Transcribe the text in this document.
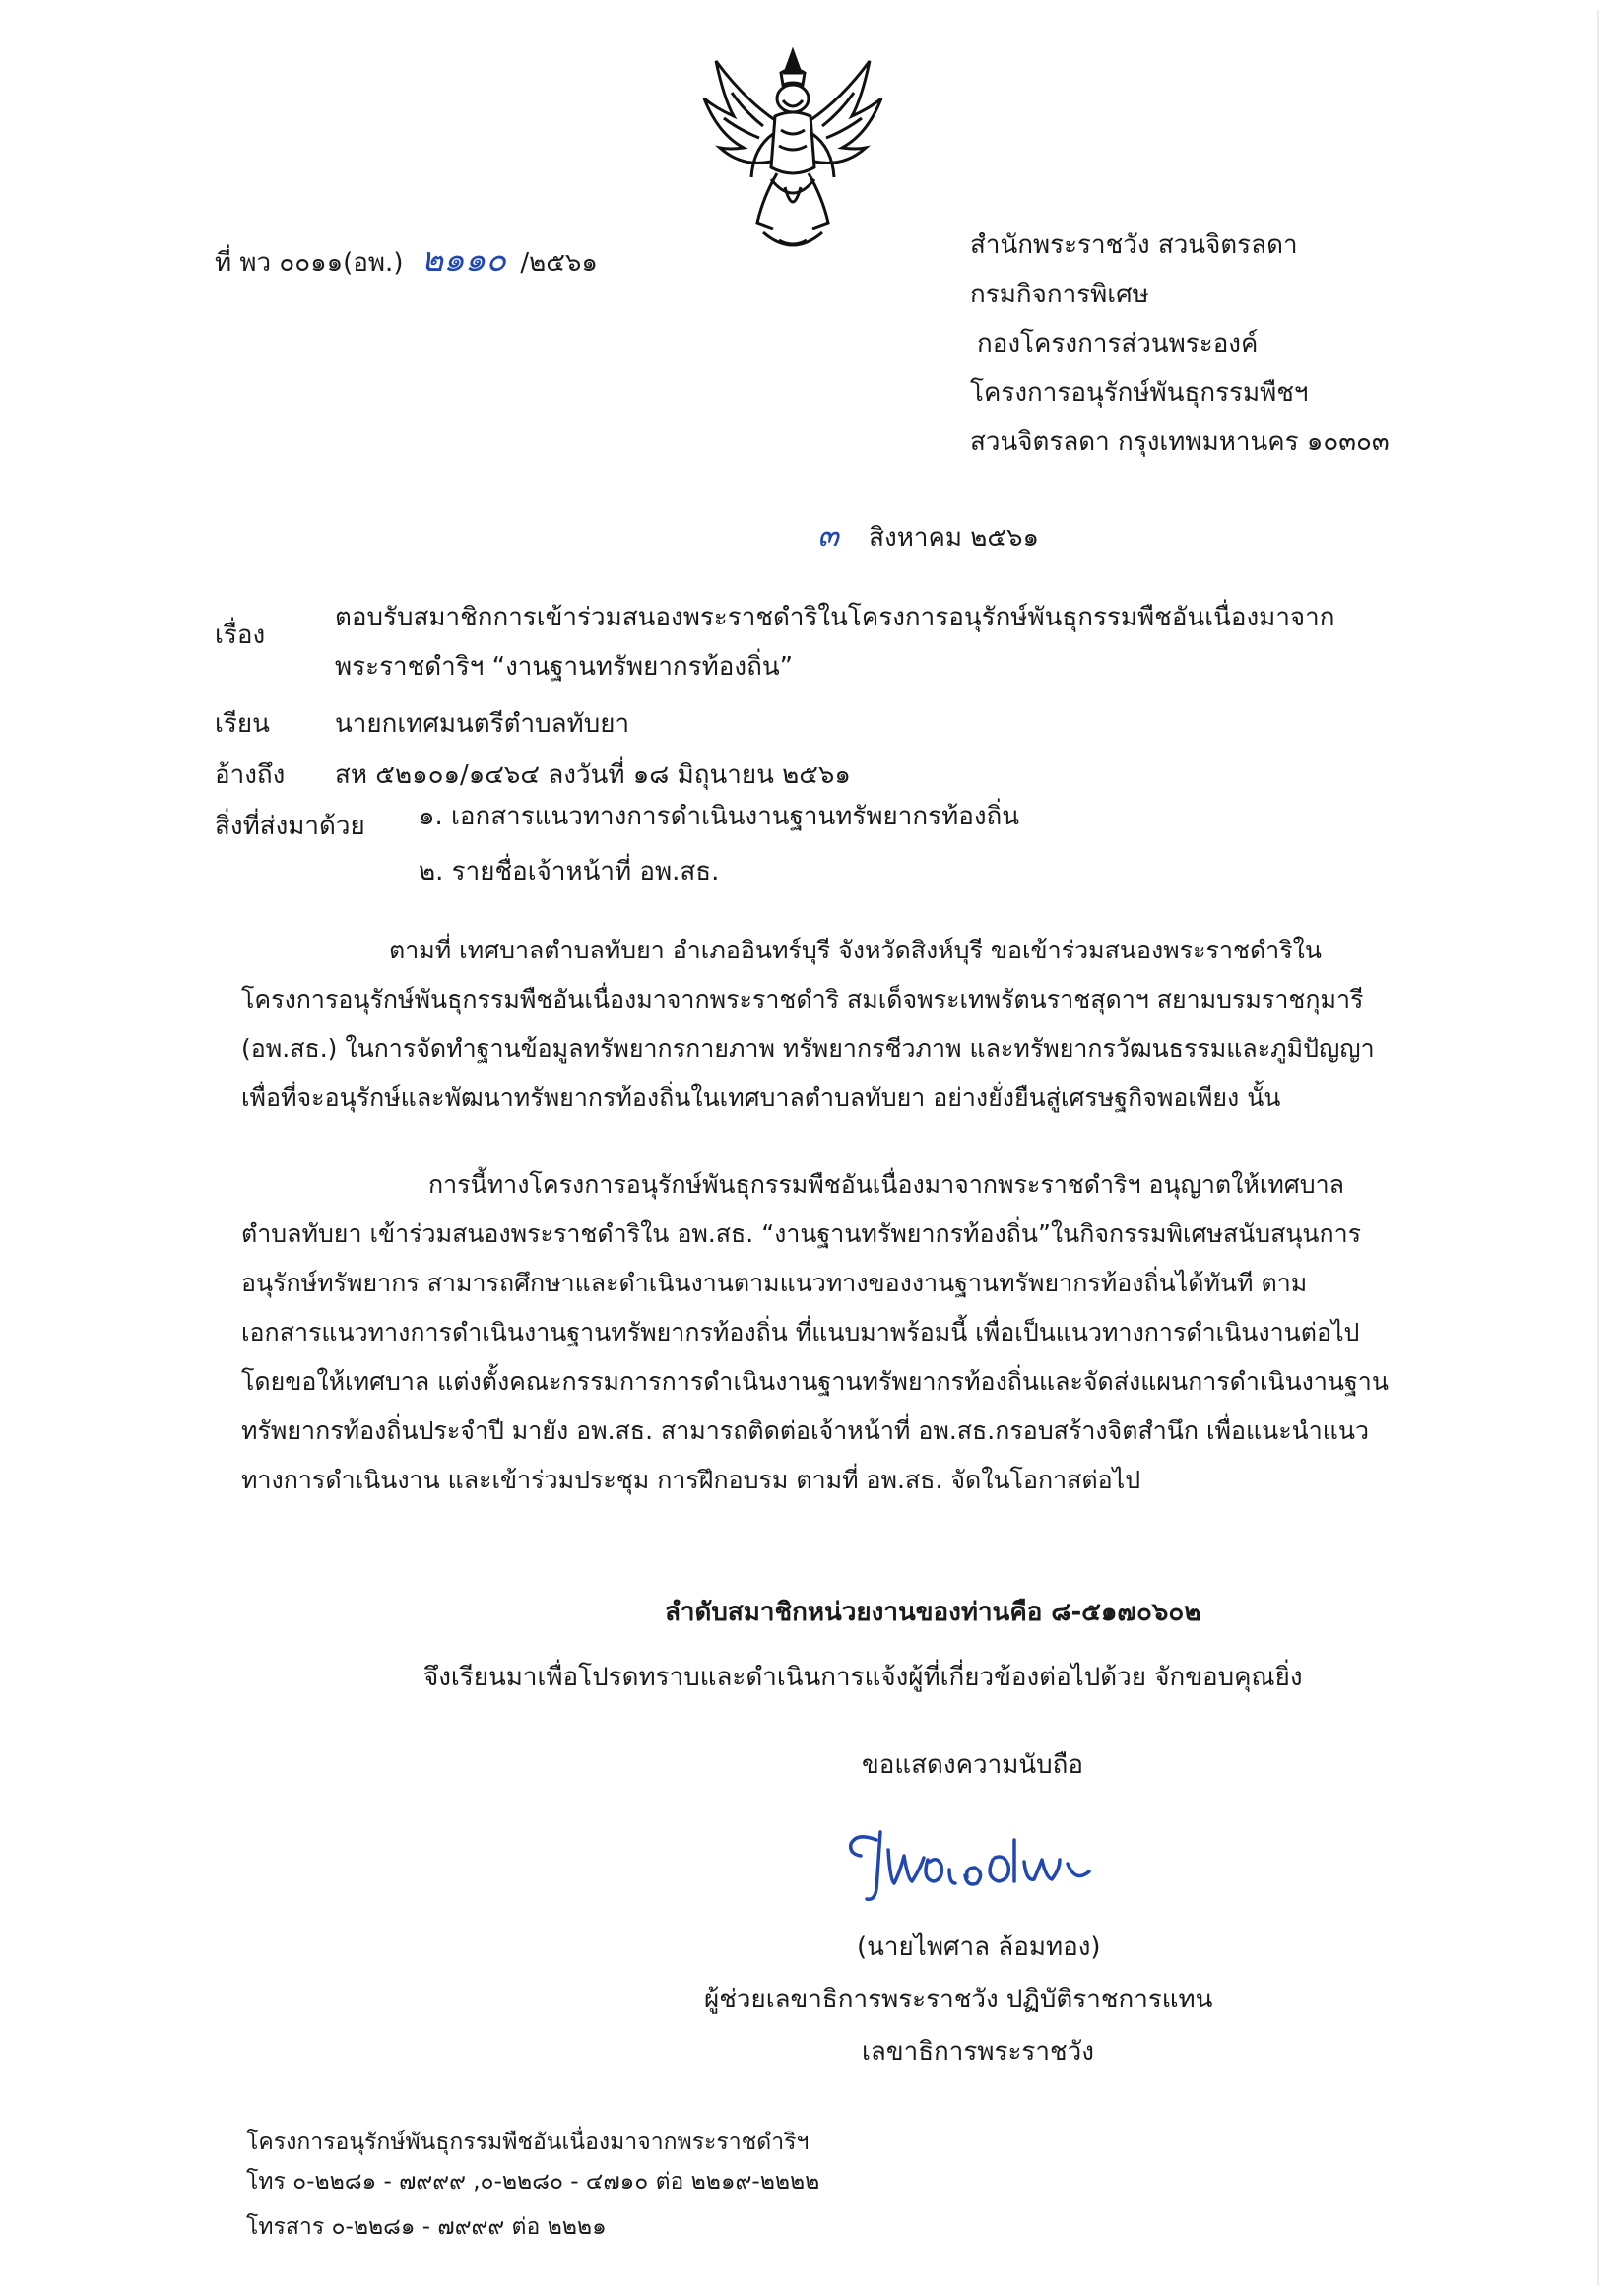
ที่ พว ๐๐๑๑(อพ.) ๒๑๑๐ /๒๕๖๑
สำนักพระราชวัง สวนจิตรลดา
กรมกิจการพิเศษ
กองโครงการส่วนพระองค์
โครงการอนุรักษ์พันธุกรรมพืชฯ
สวนจิตรลดา กรุงเทพมหานคร ๑๐๓๐๓
๓ สิงหาคม ๒๕๖๑
เรื่อง
ตอบรับสมาชิกการเข้าร่วมสนองพระราชดำริในโครงการอนุรักษ์พันธุกรรมพืชอันเนื่องมาจาก
พระราชดำริฯ “งานฐานทรัพยากรท้องถิ่น”
เรียน	นายกเทศมนตรีตำบลทับยา
อ้างถึง สห ๕๒๑๐๑/๑๔๖๔ ลงวันที่ ๑๘ มิถุนายน ๒๕๖๑
สิ่งที่ส่งมาด้วย ๑. เอกสารแนวทางการดำเนินงานฐานทรัพยากรท้องถิ่น
๒. รายชื่อเจ้าหน้าที่ อพ.สธ.
ตามที่ เทศบาลตำบลทับยา อำเภออินทร์บุรี จังหวัดสิงห์บุรี ขอเข้าร่วมสนองพระราชดำริใน
โครงการอนุรักษ์พันธุกรรมพืชอันเนื่องมาจากพระราชดำริ สมเด็จพระเทพรัตนราชสุดาฯ สยามบรมราชกุมารี
(อพ.สธ.) ในการจัดทำฐานข้อมูลทรัพยากรกายภาพ ทรัพยากรชีวภาพ และทรัพยากรวัฒนธรรมและภูมิปัญญา
เพื่อที่จะอนุรักษ์และพัฒนาทรัพยากรท้องถิ่นในเทศบาลตำบลทับยา อย่างยั่งยืนสู่เศรษฐกิจพอเพียง นั้น
การนี้ทางโครงการอนุรักษ์พันธุกรรมพืชอันเนื่องมาจากพระราชดำริฯ อนุญาตให้เทศบาล
ตำบลทับยา เข้าร่วมสนองพระราชดำริใน อพ.สธ. “งานฐานทรัพยากรท้องถิ่น”ในกิจกรรมพิเศษสนับสนุนการ
อนุรักษ์ทรัพยากร สามารถศึกษาและดำเนินงานตามแนวทางของงานฐานทรัพยากรท้องถิ่นได้ทันที ตาม
เอกสารแนวทางการดำเนินงานฐานทรัพยากรท้องถิ่น ที่แนบมาพร้อมนี้ เพื่อเป็นแนวทางการดำเนินงานต่อไป
โดยขอให้เทศบาล แต่งตั้งคณะกรรมการการดำเนินงานฐานทรัพยากรท้องถิ่นและจัดส่งแผนการดำเนินงานฐาน
ทรัพยากรท้องถิ่นประจำปี มายัง อพ.สธ. สามารถติดต่อเจ้าหน้าที่ อพ.สธ.กรอบสร้างจิตสำนึก เพื่อแนะนำแนว
ทางการดำเนินงาน และเข้าร่วมประชุม การฝึกอบรม ตามที่ อพ.สธ. จัดในโอกาสต่อไป
ลำดับสมาชิกหน่วยงานของท่านคือ ๘-๕๑๗๐๖๐๒
จึงเรียนมาเพื่อโปรดทราบและดำเนินการแจ้งผู้ที่เกี่ยวข้องต่อไปด้วย จักขอบคุณยิ่ง
ขอแสดงความนับถือ
(นายไพศาล ล้อมทอง)
ผู้ช่วยเลขาธิการพระราชวัง ปฏิบัติราชการแทน
เลขาธิการพระราชวัง
โครงการอนุรักษ์พันธุกรรมพืชอันเนื่องมาจากพระราชดำริฯ
โทร ๐-๒๒๘๑ - ๗๙๙๙ ,๐-๒๒๘๐ - ๔๗๑๐ ต่อ ๒๒๑๙-๒๒๒๒
โทรสาร ๐-๒๒๘๑ - ๗๙๙๙ ต่อ ๒๒๒๑
